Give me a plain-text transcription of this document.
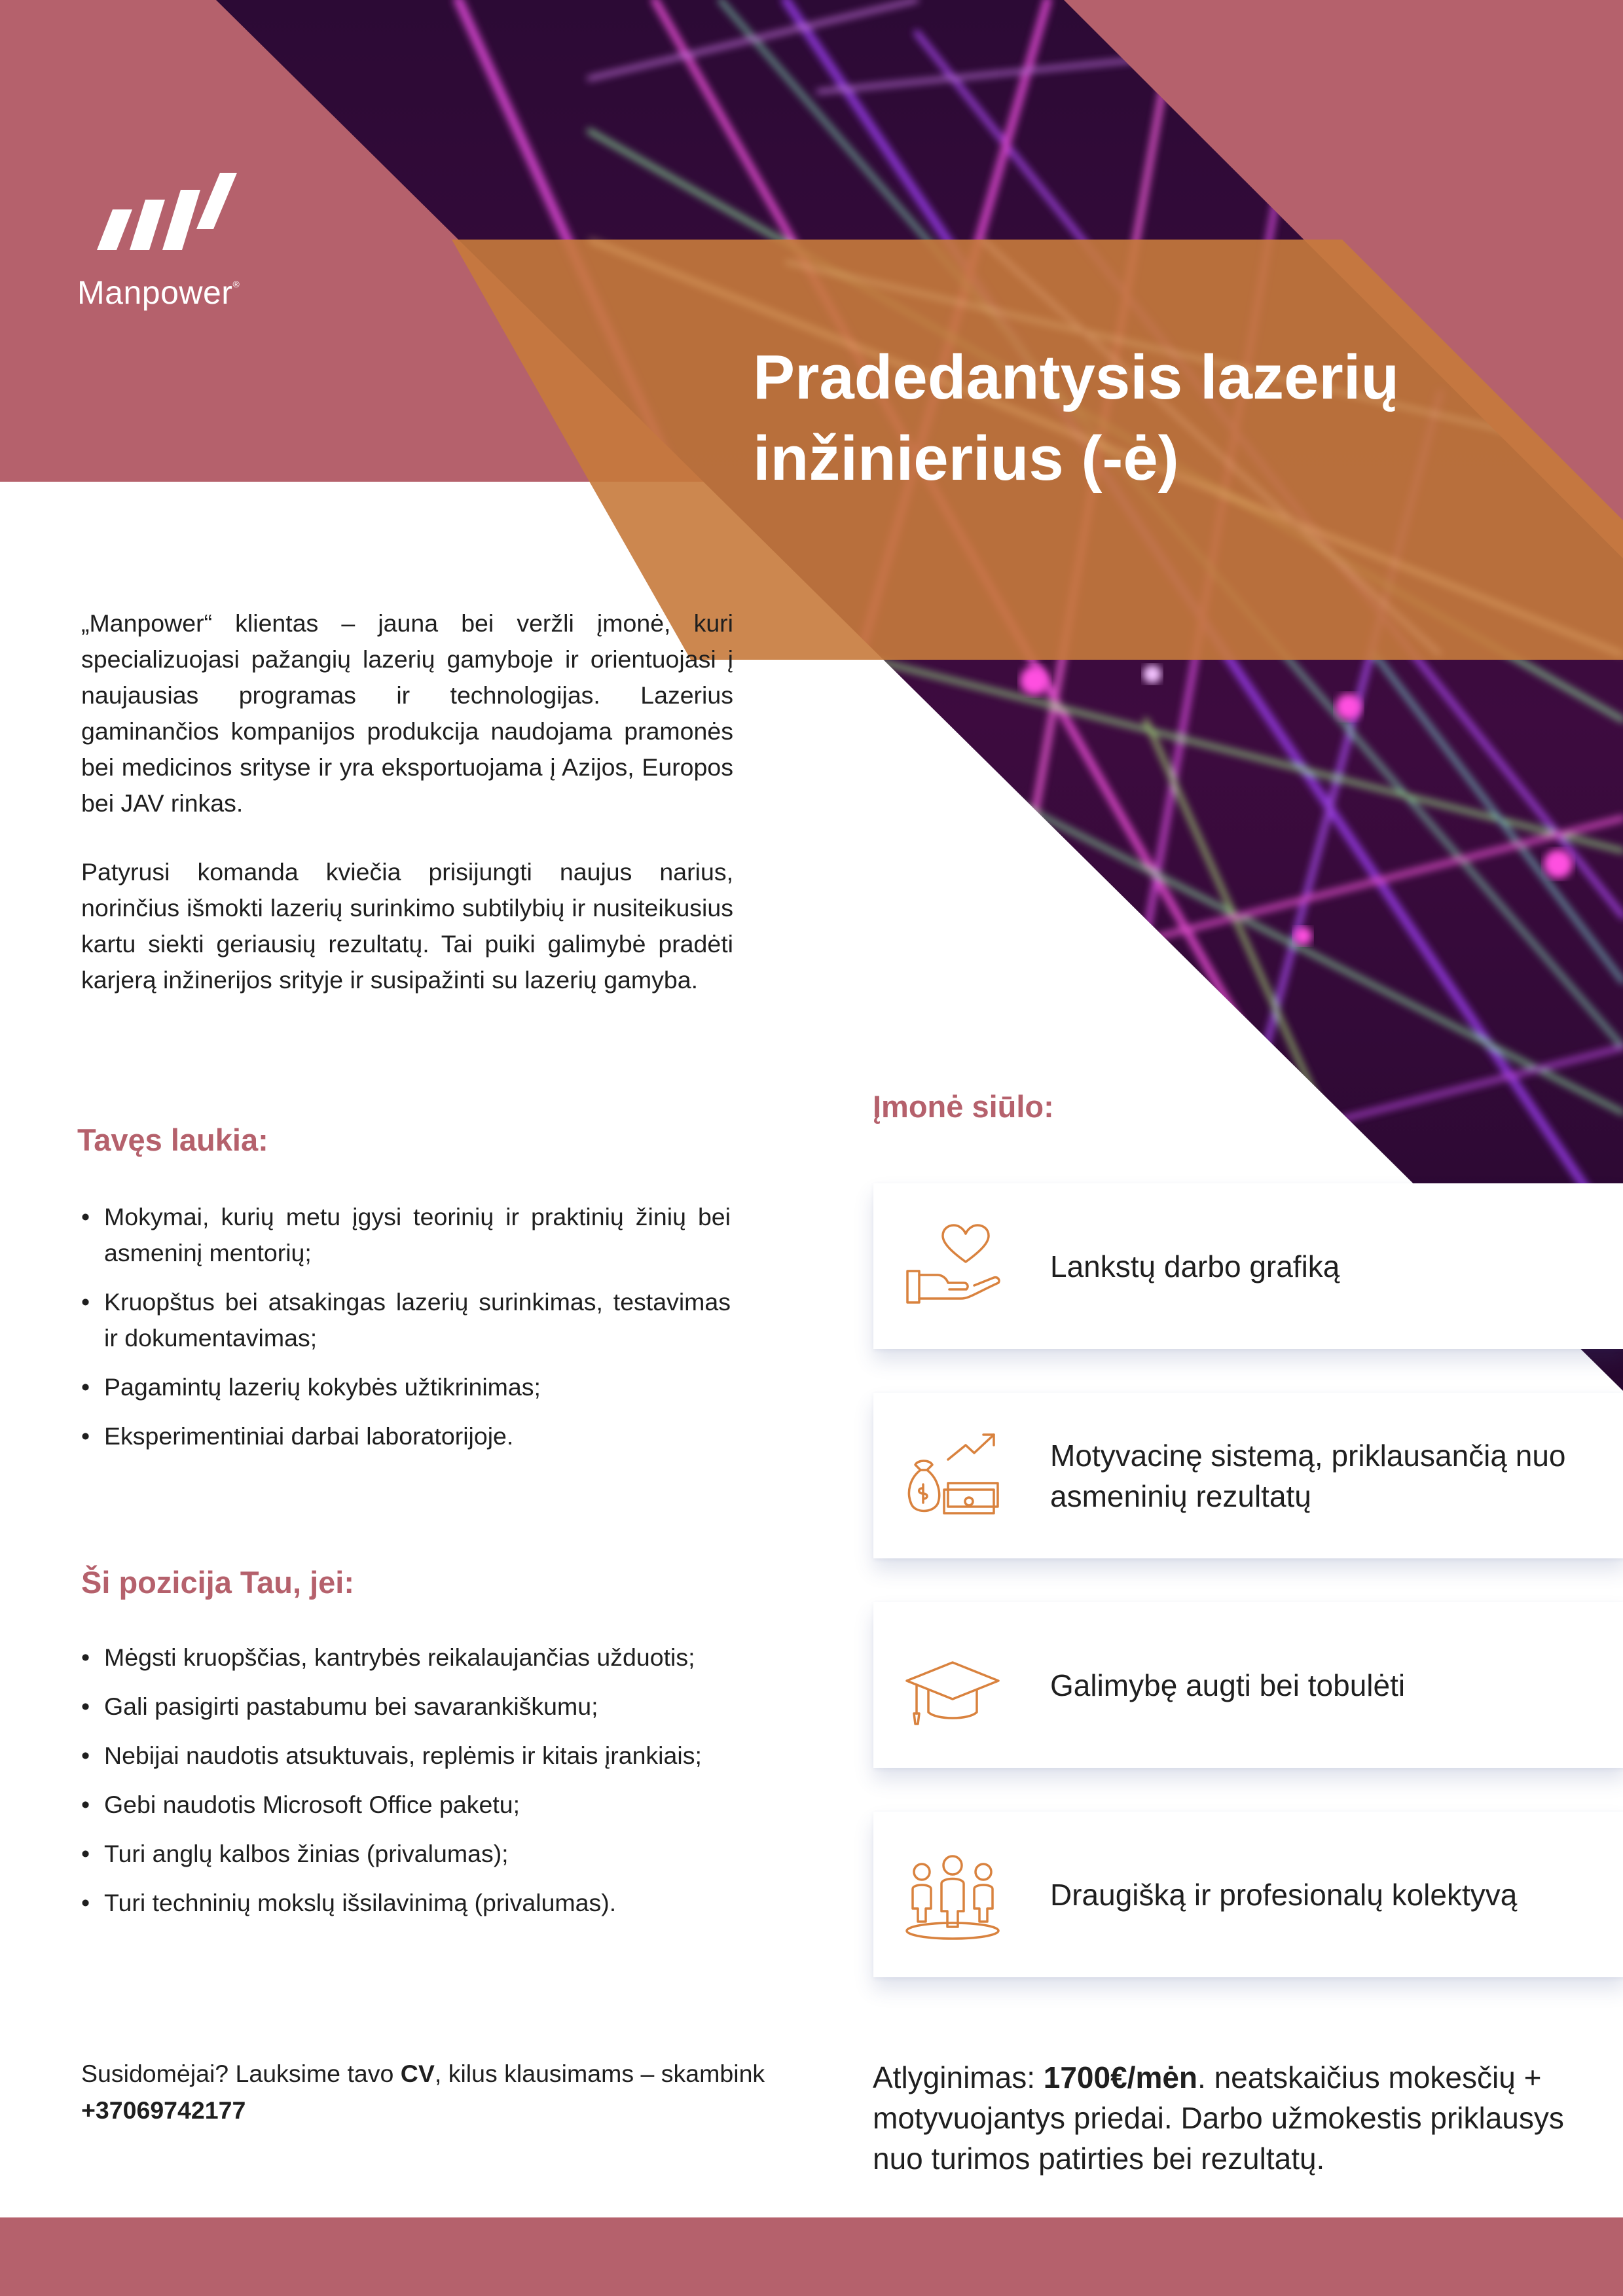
Manpower®
Pradedantysis lazerių
inžinierius (-ė)
„Manpower“ klientas – jauna bei veržli įmonė, kuri specializuojasi pažangių lazerių gamyboje ir orientuojasi į naujausias programas ir technologijas. Lazerius gaminančios kompanijos produkcija naudojama pramonės bei medicinos srityse ir yra eksportuojama į Azijos, Europos bei JAV rinkas.
Patyrusi komanda kviečia prisijungti naujus narius, norinčius išmokti lazerių surinkimo subtilybių ir nusiteikusius kartu siekti geriausių rezultatų. Tai puiki galimybė pradėti karjerą inžinerijos srityje ir susipažinti su lazerių gamyba.
Tavęs laukia:
• Mokymai, kurių metu įgysi teorinių ir praktinių žinių bei asmeninį mentorių;
• Kruopštus bei atsakingas lazerių surinkimas, testavimas ir dokumentavimas;
• Pagamintų lazerių kokybės užtikrinimas;
• Eksperimentiniai darbai laboratorijoje.
Ši pozicija Tau, jei:
• Mėgsti kruopščias, kantrybės reikalaujančias užduotis;
• Gali pasigirti pastabumu bei savarankiškumu;
• Nebijai naudotis atsuktuvais, replėmis ir kitais įrankiais;
• Gebi naudotis Microsoft Office paketu;
• Turi anglų kalbos žinias (privalumas);
• Turi techninių mokslų išsilavinimą (privalumas).
Įmonė siūlo:
Lankstų darbo grafiką
Motyvacinę sistemą, priklausančią nuo asmeninių rezultatų
Galimybę augti bei tobulėti
Draugišką ir profesionalų kolektyvą
Susidomėjai? Lauksime tavo CV, kilus klausimams – skambink +37069742177
Atlyginimas: 1700€/mėn. neatskaičius mokesčių + motyvuojantys priedai. Darbo užmokestis priklausys nuo turimos patirties bei rezultatų.
